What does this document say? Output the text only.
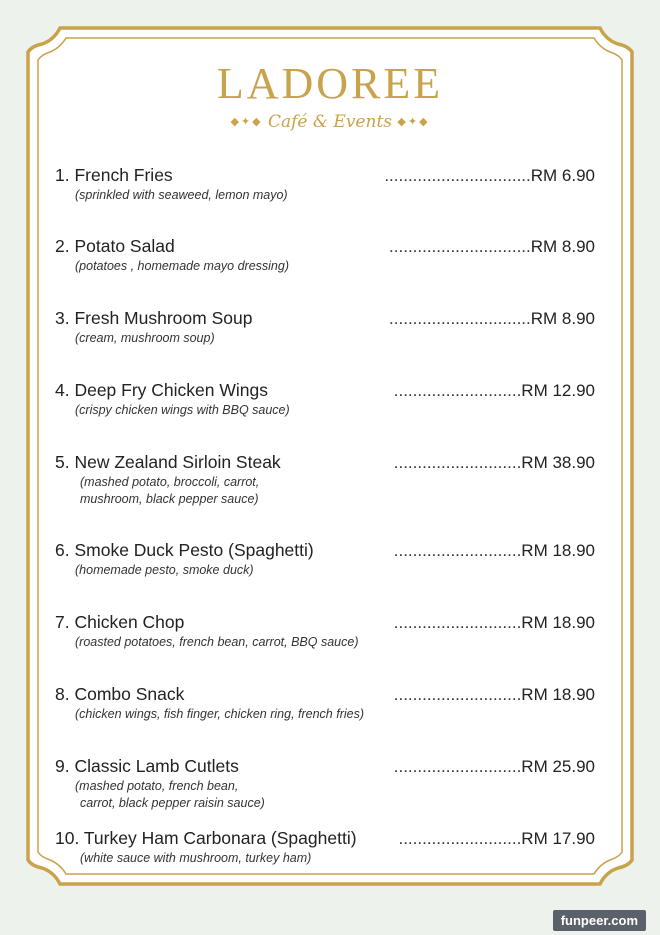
LADOREE
◆✦◆ Café & Events ◆✦◆
1. French Fries
(sprinkled with seaweed, lemon mayo)
...............................RM 6.90
2. Potato Salad
(potatoes , homemade mayo dressing)
..............................RM 8.90
3. Fresh Mushroom Soup
(cream, mushroom soup)
..............................RM 8.90
4. Deep Fry Chicken Wings
(crispy chicken wings with BBQ sauce)
...........................RM 12.90
5. New Zealand Sirloin Steak
(mashed potato, broccoli, carrot,
mushroom, black pepper sauce)
...........................RM 38.90
6. Smoke Duck Pesto (Spaghetti)
(homemade pesto, smoke duck)
...........................RM 18.90
7. Chicken Chop
(roasted potatoes, french bean, carrot, BBQ sauce)
...........................RM 18.90
8. Combo Snack
(chicken wings, fish finger, chicken ring, french fries)
...........................RM 18.90
9. Classic Lamb Cutlets
(mashed potato, french bean,
carrot, black pepper raisin sauce)
...........................RM 25.90
10. Turkey Ham Carbonara (Spaghetti)
(white sauce with mushroom, turkey ham)
..........................RM 17.90
funpeer.com
